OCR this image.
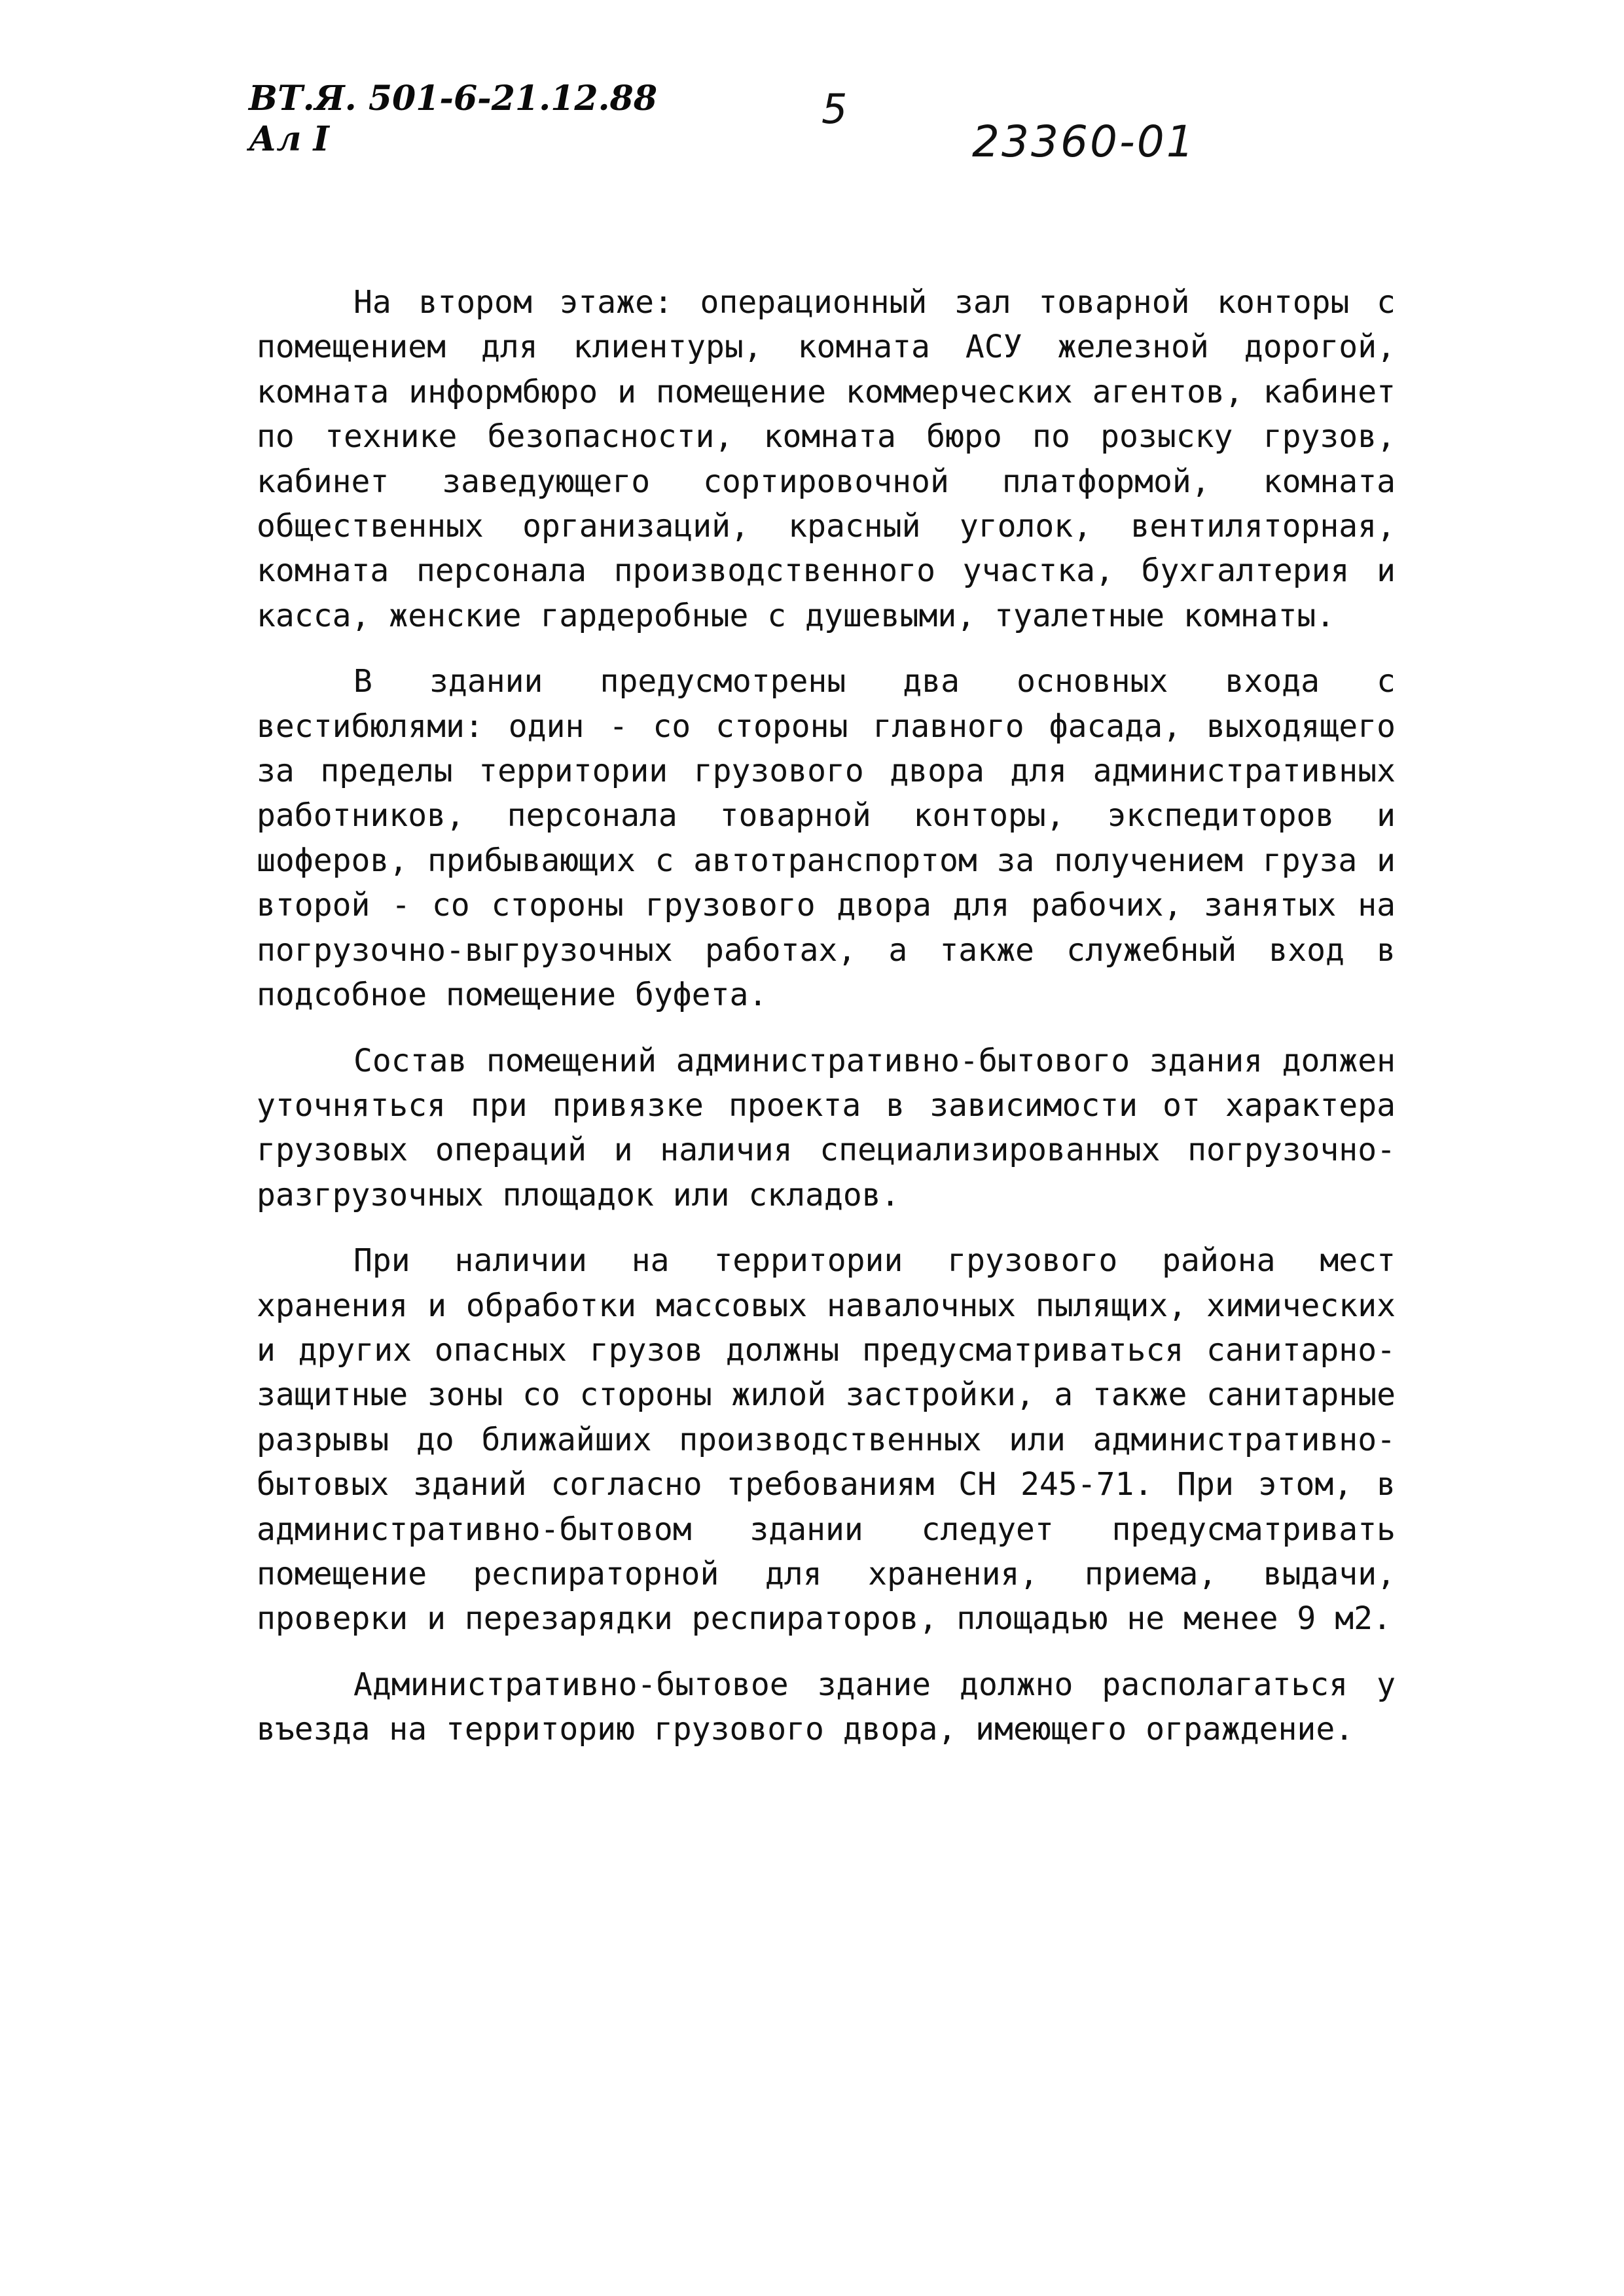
ВТ.Я. 501-6-21.12.88
Ал I
5
23360-01

На втором этаже: операционный зал товарной конторы с помещением для клиентуры, комната АСУ железной дорогой, комната информбюро и помещение коммерческих агентов, кабинет по технике безопасности, комната бюро по розыску грузов, кабинет заведующего сортировочной платформой, комната общественных организаций, красный уголок, вентиляторная, комната персонала производственного участка, бухгалтерия и касса, женские гардеробные с душевыми, туалетные комнаты.

В здании предусмотрены два основных входа с вестибюлями: один - со стороны главного фасада, выходящего за пределы территории грузового двора для административных работников, персонала товарной конторы, экспедиторов и шоферов, прибывающих с автотранспортом за получением груза и второй - со стороны грузового двора для рабочих, занятых на погрузочно-выгрузочных работах, а также служебный вход в подсобное помещение буфета.

Состав помещений административно-бытового здания должен уточняться при привязке проекта в зависимости от характера грузовых операций и наличия специализированных погрузочно-разгрузочных площадок или складов.

При наличии на территории грузового района мест хранения и обработки массовых навалочных пылящих, химических и других опасных грузов должны предусматриваться санитарно-защитные зоны со стороны жилой застройки, а также санитарные разрывы до ближайших производственных или административно-бытовых зданий согласно требованиям СН 245-71. При этом, в административно-бытовом здании следует предусматривать помещение респираторной для хранения, приема, выдачи, проверки и перезарядки респираторов, площадью не менее 9 м2.

Административно-бытовое здание должно располагаться у въезда на территорию грузового двора, имеющего ограждение.
